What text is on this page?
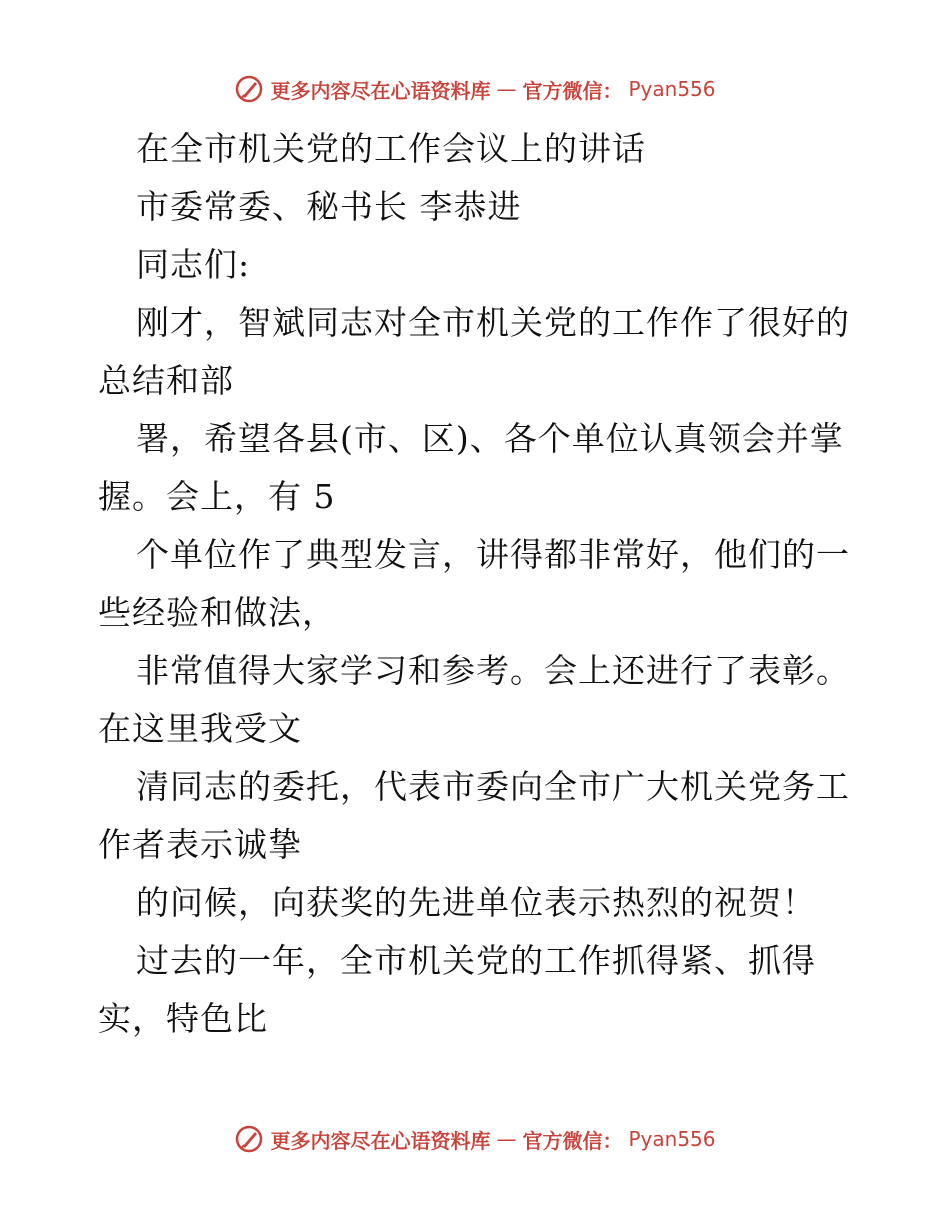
更多内容尽在心语资料库 — 官方微信： Pyan556
在全市机关党的工作会议上的讲话
市委常委、秘书长 李恭进
同志们:
刚才，智斌同志对全市机关党的工作作了很好的
总结和部
署，希望各县(市、区)、各个单位认真领会并掌
握。会上，有 5
个单位作了典型发言，讲得都非常好，他们的一
些经验和做法，
非常值得大家学习和参考。会上还进行了表彰。
在这里我受文
清同志的委托，代表市委向全市广大机关党务工
作者表示诚挚
的问候，向获奖的先进单位表示热烈的祝贺！
过去的一年，全市机关党的工作抓得紧、抓得
实，特色比
更多内容尽在心语资料库 — 官方微信： Pyan556
